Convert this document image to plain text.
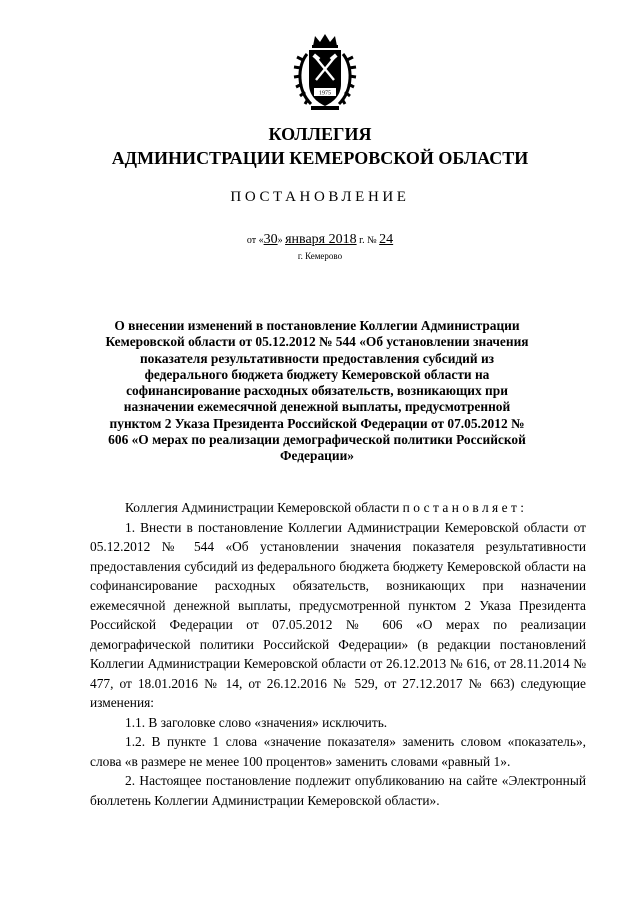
1975
КОЛЛЕГИЯ
АДМИНИСТРАЦИИ КЕМЕРОВСКОЙ ОБЛАСТИ
ПОСТАНОВЛЕНИЕ
от «30» января 2018 г. № 24
г. Кемерово
О внесении изменений в постановление Коллегии Администрации Кемеровской области от 05.12.2012 № 544 «Об установлении значения показателя результативности предоставления субсидий из федерального бюджета бюджету Кемеровской области на софинансирование расходных обязательств, возникающих при назначении ежемесячной денежной выплаты, предусмотренной пунктом 2 Указа Президента Российской Федерации от 07.05.2012 № 606 «О мерах по реализации демографической политики Российской Федерации»

Коллегия Администрации Кемеровской области постановляет:

1. Внести в постановление Коллегии Администрации Кемеровской области от 05.12.2012 № 544 «Об установлении значения показателя результативности предоставления субсидий из федерального бюджета бюджету Кемеровской области на софинансирование расходных обязательств, возникающих при назначении ежемесячной денежной выплаты, предусмотренной пунктом 2 Указа Президента Российской Федерации от 07.05.2012 № 606 «О мерах по реализации демографической политики Российской Федерации» (в редакции постановлений Коллегии Администрации Кемеровской области от 26.12.2013 № 616, от 28.11.2014 № 477, от 18.01.2016 № 14, от 26.12.2016 № 529, от 27.12.2017 № 663) следующие изменения:

1.1. В заголовке слово «значения» исключить.

1.2. В пункте 1 слова «значение показателя» заменить словом «показатель», слова «в размере не менее 100 процентов» заменить словами «равный 1».

2. Настоящее постановление подлежит опубликованию на сайте «Электронный бюллетень Коллегии Администрации Кемеровской области».
